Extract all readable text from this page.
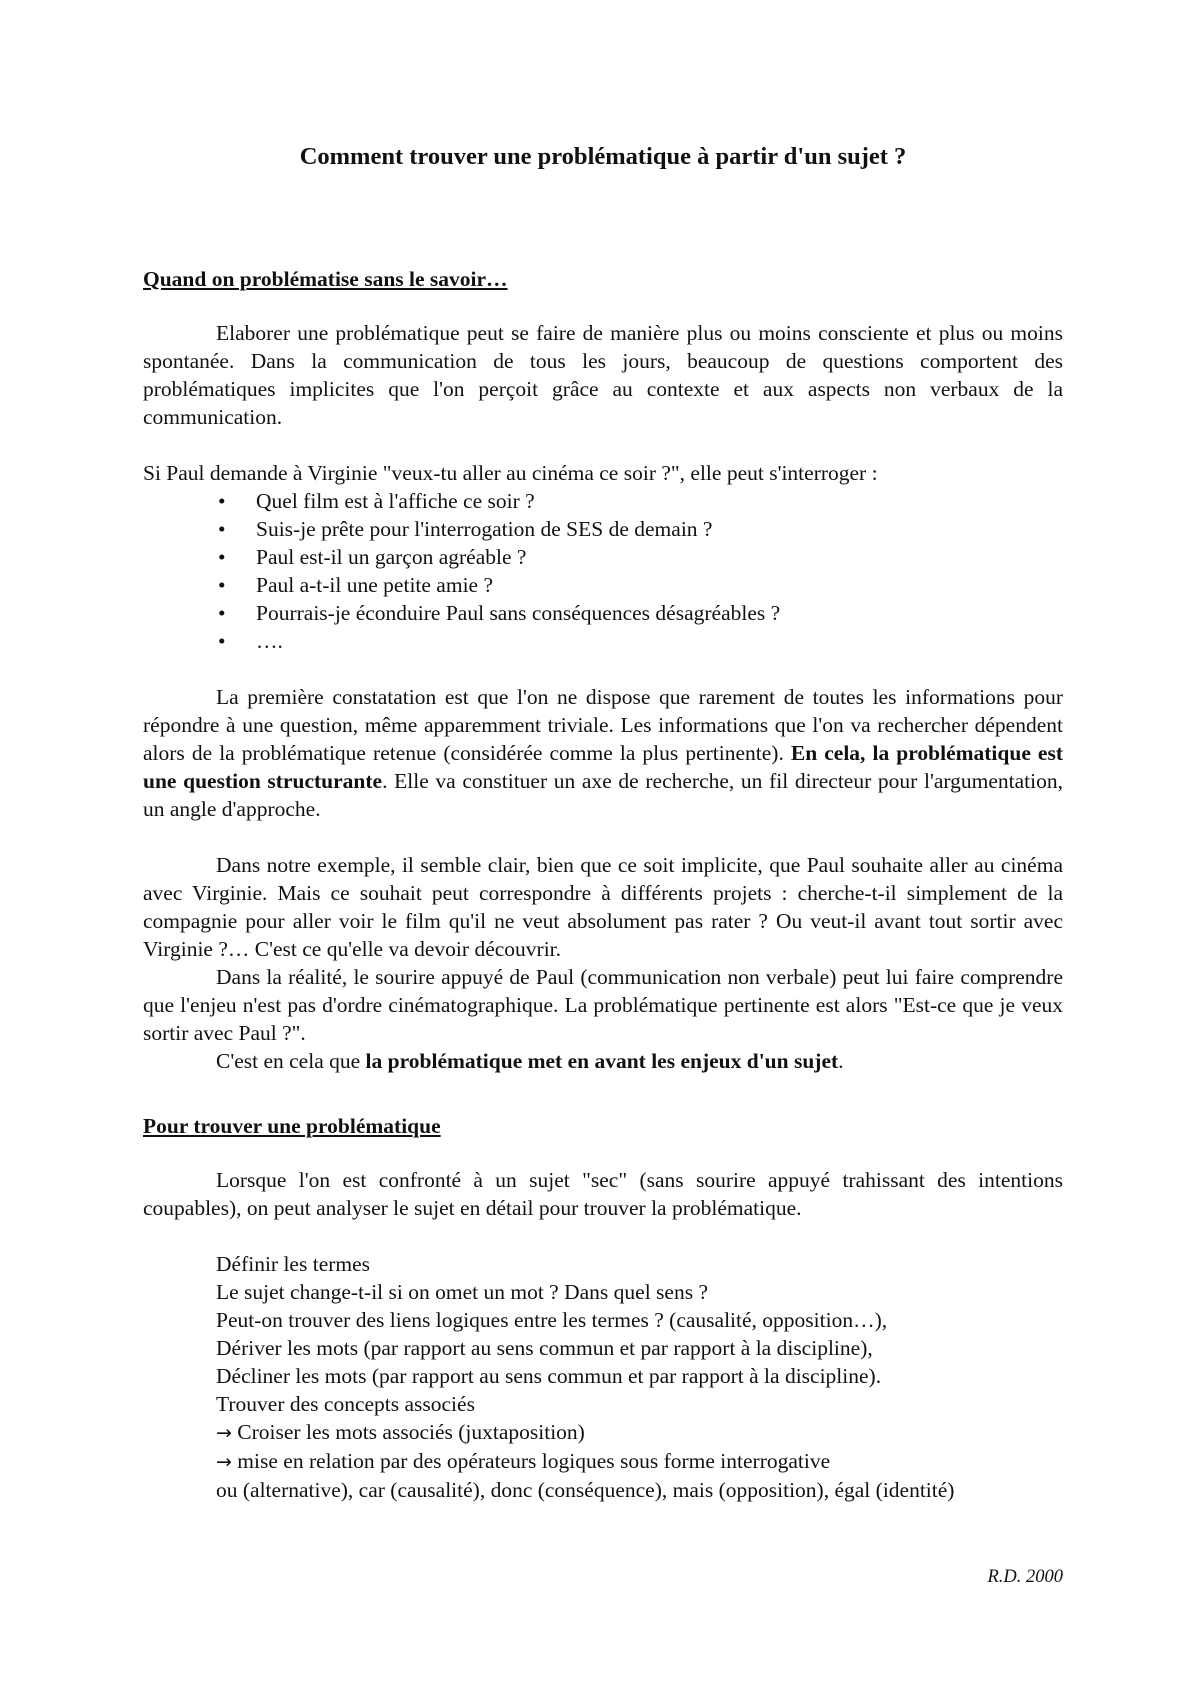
Comment trouver une problématique à partir d'un sujet ?

Quand on problématise sans le savoir…

Elaborer une problématique peut se faire de manière plus ou moins consciente et plus ou moins spontanée. Dans la communication de tous les jours, beaucoup de questions comportent des problématiques implicites que l'on perçoit grâce au contexte et aux aspects non verbaux de la communication.

Si Paul demande à Virginie "veux-tu aller au cinéma ce soir ?", elle peut s'interroger :

• Quel film est à l'affiche ce soir ?
• Suis-je prête pour l'interrogation de SES de demain ?
• Paul est-il un garçon agréable ?
• Paul a-t-il une petite amie ?
• Pourrais-je éconduire Paul sans conséquences désagréables ?
• ….

La première constatation est que l'on ne dispose que rarement de toutes les informations pour répondre à une question, même apparemment triviale. Les informations que l'on va rechercher dépendent alors de la problématique retenue (considérée comme la plus pertinente). En cela, la problématique est une question structurante. Elle va constituer un axe de recherche, un fil directeur pour l'argumentation, un angle d'approche.

Dans notre exemple, il semble clair, bien que ce soit implicite, que Paul souhaite aller au cinéma avec Virginie. Mais ce souhait peut correspondre à différents projets : cherche-t-il simplement de la compagnie pour aller voir le film qu'il ne veut absolument pas rater ? Ou veut-il avant tout sortir avec Virginie ?… C'est ce qu'elle va devoir découvrir.

Dans la réalité, le sourire appuyé de Paul (communication non verbale) peut lui faire comprendre que l'enjeu n'est pas d'ordre cinématographique. La problématique pertinente est alors "Est-ce que je veux sortir avec Paul ?".

C'est en cela que la problématique met en avant les enjeux d'un sujet.

Pour trouver une problématique

Lorsque l'on est confronté à un sujet "sec" (sans sourire appuyé trahissant des intentions coupables), on peut analyser le sujet en détail pour trouver la problématique.

Définir les termes
Le sujet change-t-il si on omet un mot ? Dans quel sens ?
Peut-on trouver des liens logiques entre les termes ? (causalité, opposition…),
Dériver les mots (par rapport au sens commun et par rapport à la discipline),
Décliner les mots (par rapport au sens commun et par rapport à la discipline).
Trouver des concepts associés
→ Croiser les mots associés (juxtaposition)
→ mise en relation par des opérateurs logiques sous forme interrogative
ou (alternative), car (causalité), donc (conséquence), mais (opposition), égal (identité)
R.D. 2000
